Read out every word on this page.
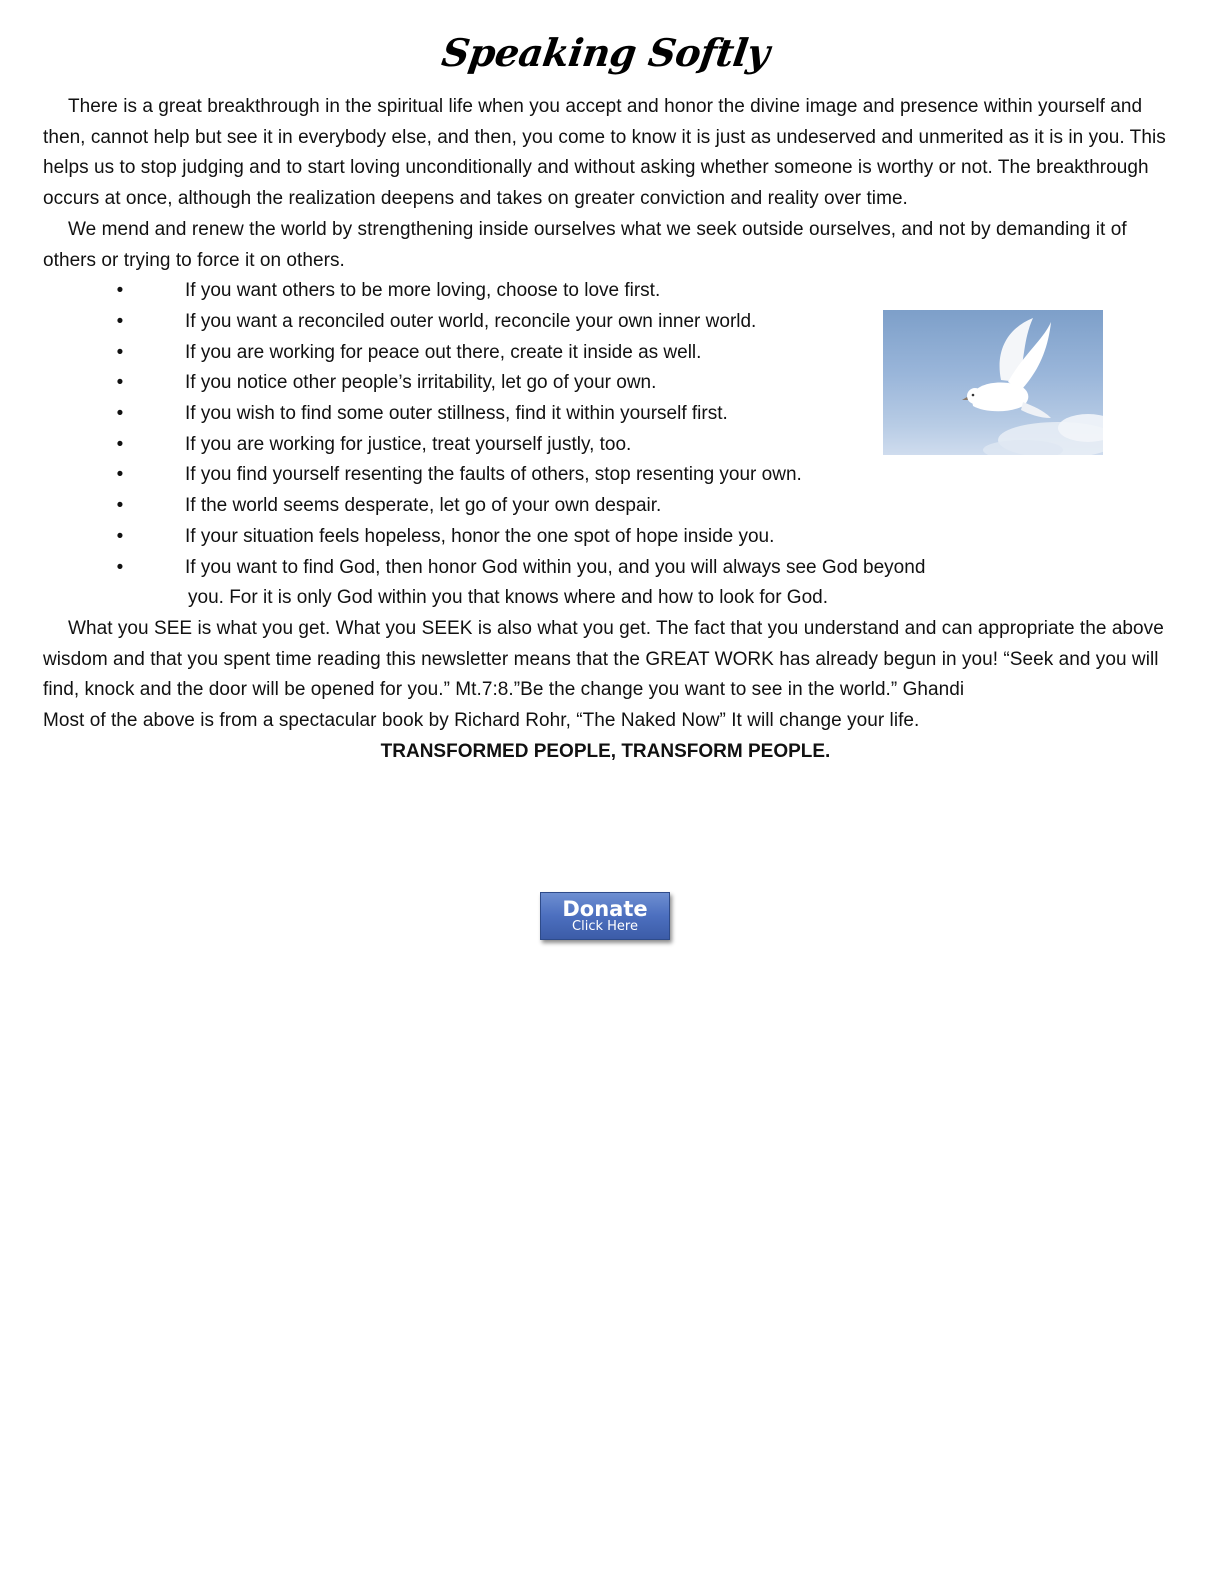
Speaking Softly

There is a great breakthrough in the spiritual life when you accept and honor the divine image and presence within yourself and then, cannot help but see it in everybody else, and then, you come to know it is just as undeserved and unmerited as it is in you. This helps us to stop judging and to start loving unconditionally and without asking whether someone is worthy or not. The breakthrough occurs at once, although the realization deepens and takes on greater conviction and reality over time.

We mend and renew the world by strengthening inside ourselves what we seek outside ourselves, and not by demanding it of others or trying to force it on others.

•	If you want others to be more loving, choose to love first.
•	If you want a reconciled outer world, reconcile your own inner world.
•	If you are working for peace out there, create it inside as well.
•	If you notice other people’s irritability, let go of your own.
•	If you wish to find some outer stillness, find it within yourself first.
•	If you are working for justice, treat yourself justly, too.
•	If you find yourself resenting the faults of others, stop resenting your own.
•	If the world seems desperate, let go of your own despair.
•	If your situation feels hopeless, honor the one spot of hope inside you.
•	If you want to find God, then honor God within you, and you will always see God beyond
you. For it is only God within you that knows where and how to look for God.

What you SEE is what you get. What you SEEK is also what you get. The fact that you understand and can appropriate the above wisdom and that you spent time reading this newsletter means that the GREAT WORK has already begun in you! “Seek and you will find, knock and the door will be opened for you.” Mt.7:8.”Be the change you want to see in the world.” Ghandi

Most of the above is from a spectacular book by Richard Rohr, “The Naked Now” It will change your life.

TRANSFORMED PEOPLE, TRANSFORM PEOPLE.

Donate
Click Here
